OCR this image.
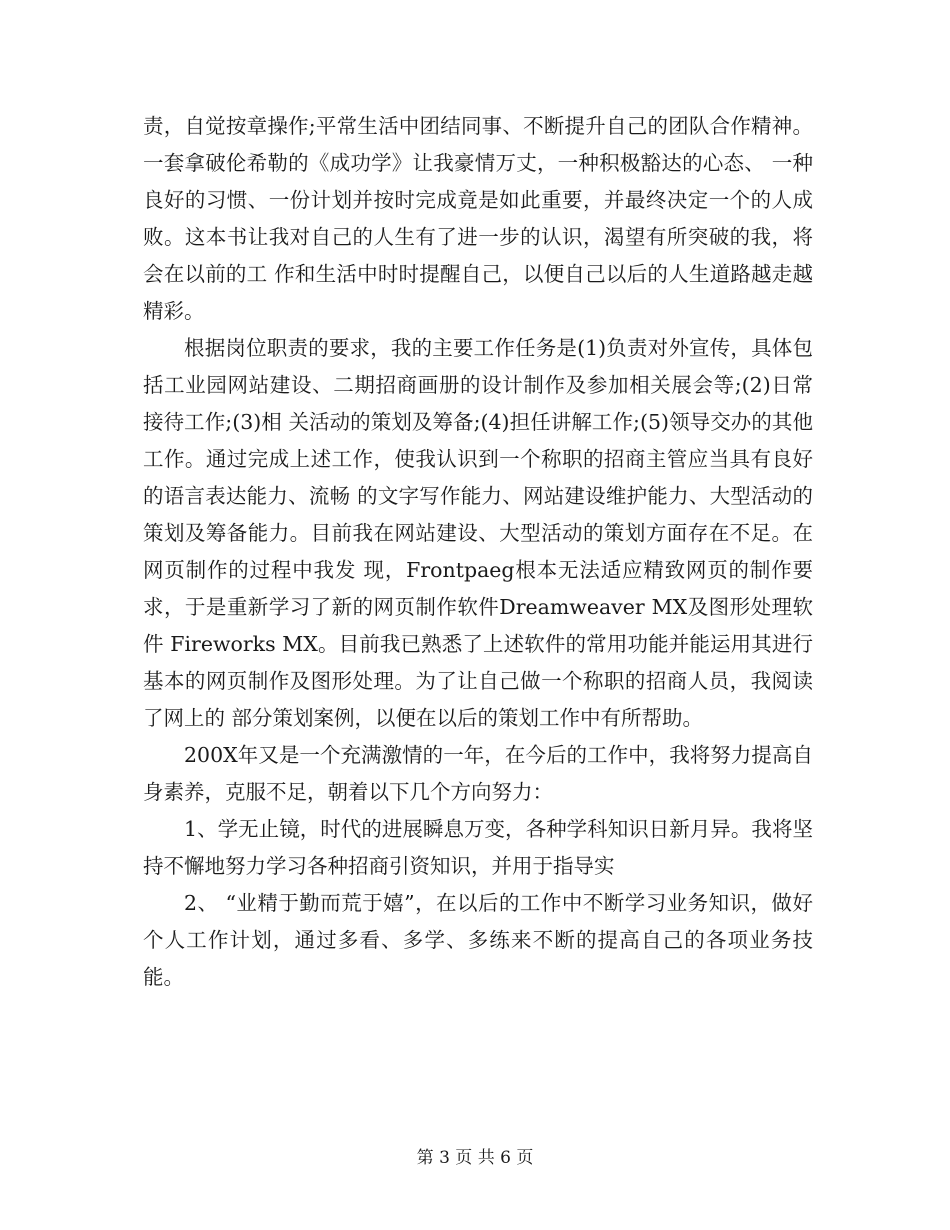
责，自觉按章操作;平常生活中团结同事、不断提升自己的团队合作精神。一套拿破伦希勒的《成功学》让我豪情万丈，一种积极豁达的心态、 一种良好的习惯、一份计划并按时完成竟是如此重要，并最终决定一个的人成败。这本书让我对自己的人生有了进一步的认识，渴望有所突破的我，将会在以前的工 作和生活中时时提醒自己，以便自己以后的人生道路越走越精彩。

根据岗位职责的要求，我的主要工作任务是(1)负责对外宣传，具体包括工业园网站建设、二期招商画册的设计制作及参加相关展会等;(2)日常接待工作;(3)相 关活动的策划及筹备;(4)担任讲解工作;(5)领导交办的其他工作。通过完成上述工作，使我认识到一个称职的招商主管应当具有良好的语言表达能力、流畅 的文字写作能力、网站建设维护能力、大型活动的策划及筹备能力。目前我在网站建设、大型活动的策划方面存在不足。在网页制作的过程中我发 现，Frontpaeg根本无法适应精致网页的制作要求，于是重新学习了新的网页制作软件Dreamweaver MX及图形处理软件 Fireworks MX。目前我已熟悉了上述软件的常用功能并能运用其进行基本的网页制作及图形处理。为了让自己做一个称职的招商人员，我阅读了网上的 部分策划案例，以便在以后的策划工作中有所帮助。

200X年又是一个充满激情的一年，在今后的工作中，我将努力提高自身素养，克服不足，朝着以下几个方向努力：

1、学无止镜，时代的进展瞬息万变，各种学科知识日新月异。我将坚持不懈地努力学习各种招商引资知识，并用于指导实

2、 “业精于勤而荒于嬉”，在以后的工作中不断学习业务知识，做好个人工作计划，通过多看、多学、多练来不断的提高自己的各项业务技能。

第 3 页 共 6 页
